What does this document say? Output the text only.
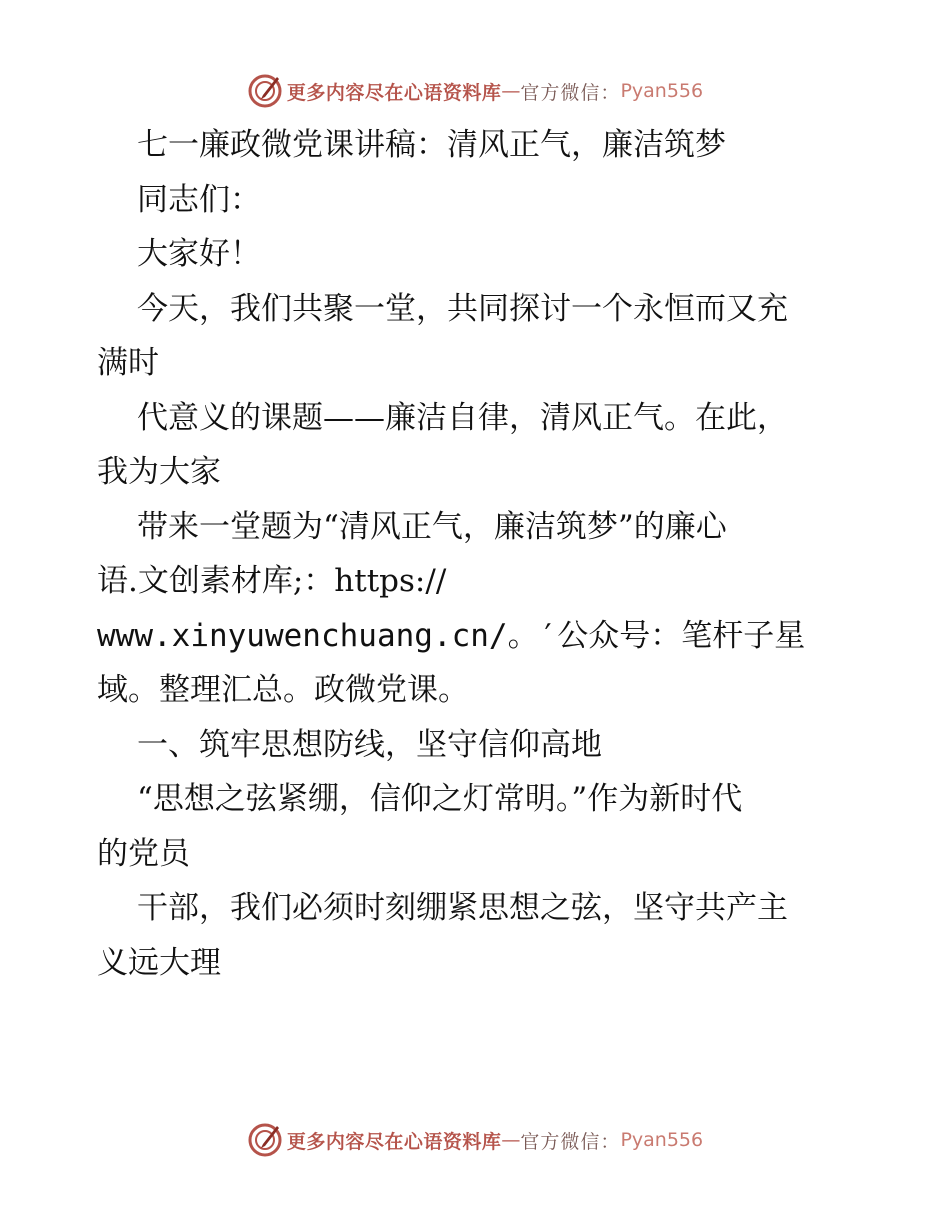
更多内容尽在心语资料库 — 官方微信： Pyan556
七一廉政微党课讲稿：清风正气，廉洁筑梦
同志们：
大家好！
今天，我们共聚一堂，共同探讨一个永恒而又充
满时
代意义的课题——廉洁自律，清风正气。在此，
我为大家
带来一堂题为“清风正气，廉洁筑梦”的廉心
语.文创素材库;：https://
www.xinyuwenchuang.cn/。′公众号：笔杆子星
域。整理汇总。政微党课。
一、筑牢思想防线，坚守信仰高地
“思想之弦紧绷，信仰之灯常明。”作为新时代
的党员
干部，我们必须时刻绷紧思想之弦，坚守共产主
义远大理
更多内容尽在心语资料库 — 官方微信： Pyan556
